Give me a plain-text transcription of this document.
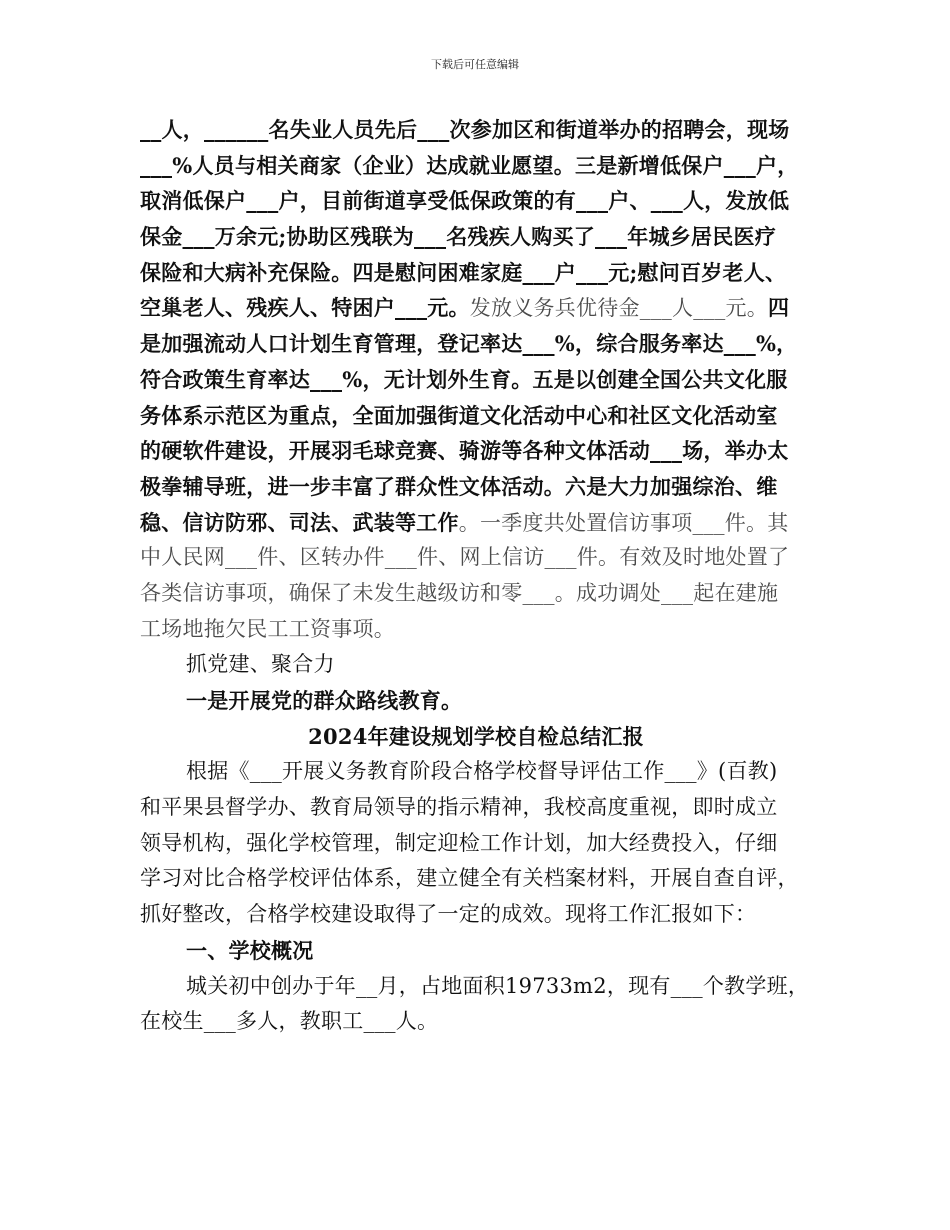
下载后可任意编辑
__人，______名失业人员先后___次参加区和街道举办的招聘会，现场
___%人员与相关商家（企业）达成就业愿望。三是新增低保户___户，
取消低保户___户，目前街道享受低保政策的有___户、___人，发放低
保金___万余元;协助区残联为___名残疾人购买了___年城乡居民医疗
保险和大病补充保险。四是慰问困难家庭___户___元;慰问百岁老人、
空巢老人、残疾人、特困户___元。发放义务兵优待金___人___元。四
是加强流动人口计划生育管理，登记率达___%，综合服务率达___%，
符合政策生育率达___%，无计划外生育。五是以创建全国公共文化服
务体系示范区为重点，全面加强街道文化活动中心和社区文化活动室
的硬软件建设，开展羽毛球竞赛、骑游等各种文体活动___场，举办太
极拳辅导班，进一步丰富了群众性文体活动。六是大力加强综治、维
稳、信访防邪、司法、武装等工作。一季度共处置信访事项___件。其
中人民网___件、区转办件___件、网上信访___件。有效及时地处置了
各类信访事项，确保了未发生越级访和零___。成功调处___起在建施
工场地拖欠民工工资事项。
抓党建、聚合力
一是开展党的群众路线教育。
2024年建设规划学校自检总结汇报
根据《___开展义务教育阶段合格学校督导评估工作___》(百教)
和平果县督学办、教育局领导的指示精神，我校高度重视，即时成立
领导机构，强化学校管理，制定迎检工作计划，加大经费投入，仔细
学习对比合格学校评估体系，建立健全有关档案材料，开展自查自评，
抓好整改，合格学校建设取得了一定的成效。现将工作汇报如下：
一、学校概况
城关初中创办于年__月，占地面积19733m2，现有___个教学班，
在校生___多人，教职工___人。
